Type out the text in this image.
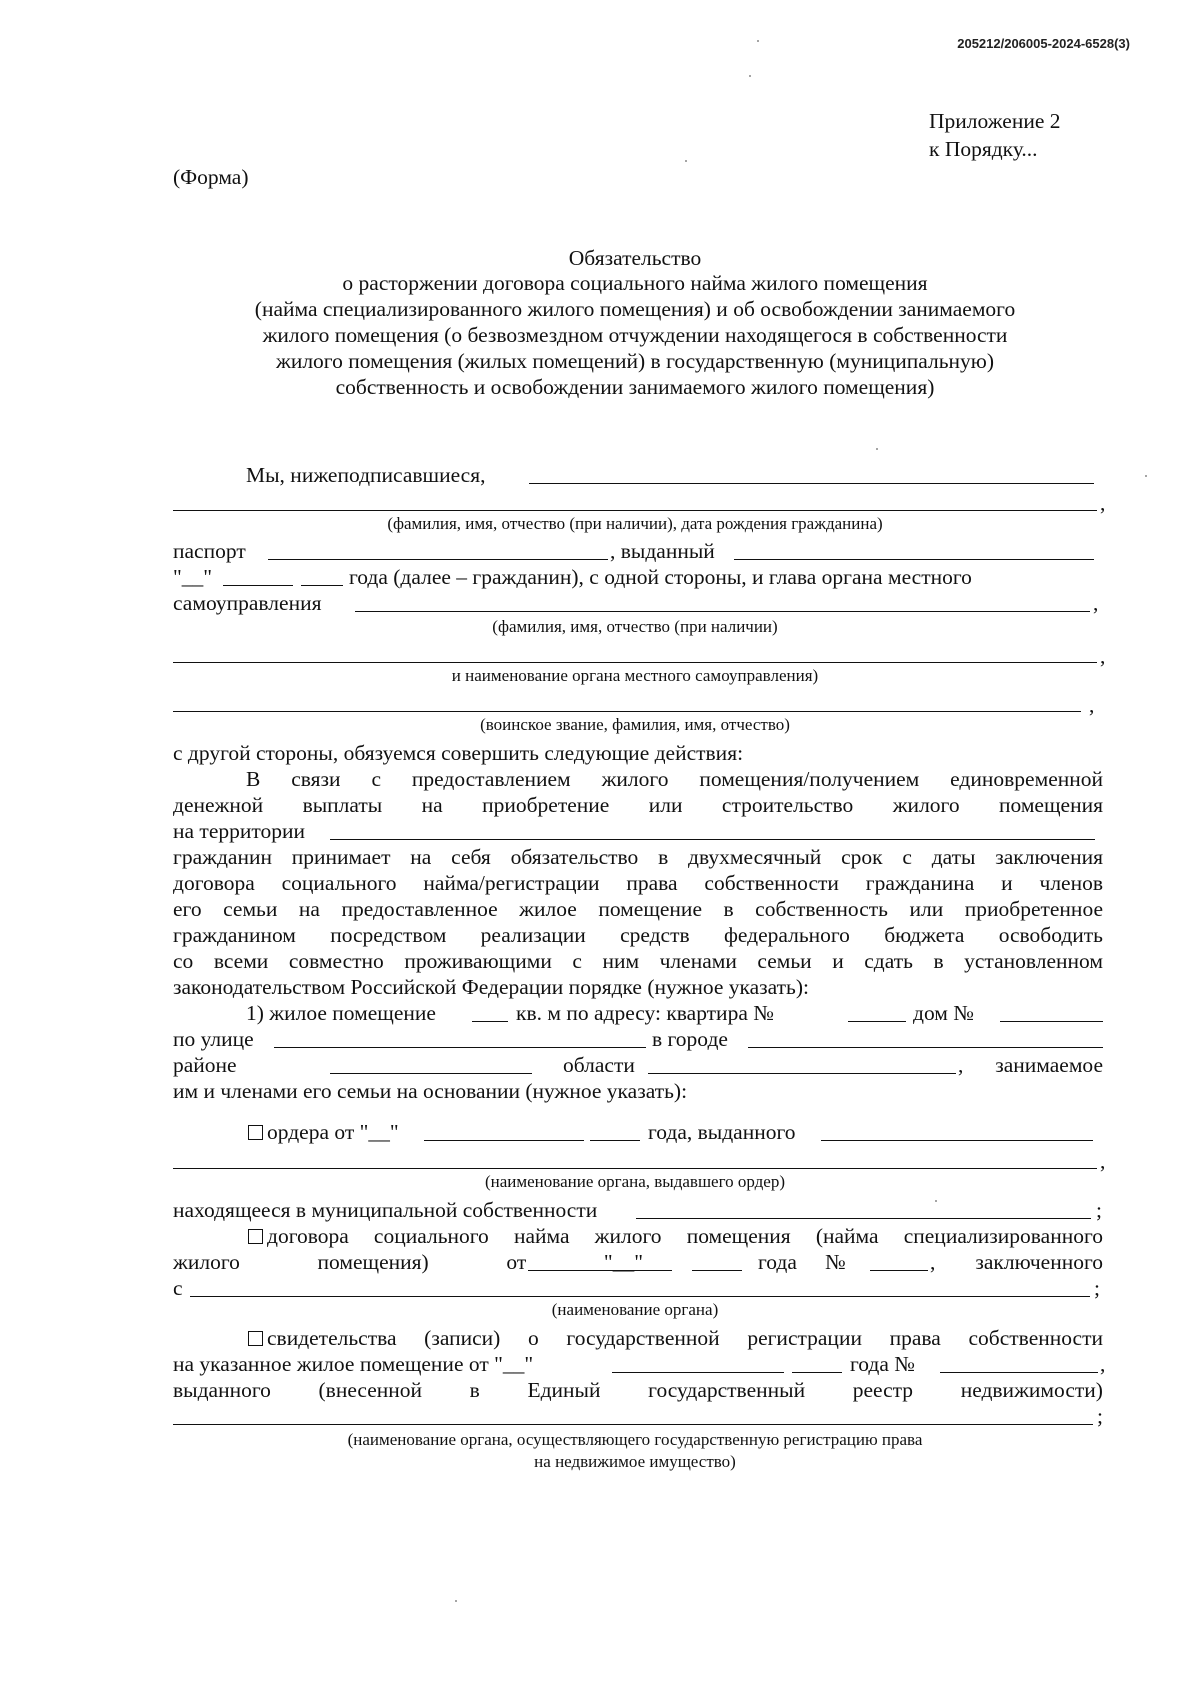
205212/206005-2024-6528(3)
Приложение 2
к Порядку...
(Форма)
Обязательство
о расторжении договора социального найма жилого помещения
(найма специализированного жилого помещения) и об освобождении занимаемого
жилого помещения (о безвозмездном отчуждении находящегося в собственности
жилого помещения (жилых помещений) в государственную (муниципальную)
собственность и освобождении занимаемого жилого помещения)
Мы, нижеподписавшиеся,
,
(фамилия, имя, отчество (при наличии), дата рождения гражданина)
паспорт	, выданный
"__"	года (далее – гражданин), с одной стороны, и глава органа местного
самоуправления	,
(фамилия, имя, отчество (при наличии)
,
и наименование органа местного самоуправления)
,
(воинское звание, фамилия, имя, отчество)
с другой стороны, обязуемся совершить следующие действия:
В связи с предоставлением жилого помещения/получением единовременной
денежной выплаты на приобретение или строительство жилого помещения
на территории
гражданин принимает на себя обязательство в двухмесячный срок с даты заключения
договора социального найма/регистрации права собственности гражданина и членов
его семьи на предоставленное жилое помещение в собственность или приобретенное
гражданином посредством реализации средств федерального бюджета освободить
со всеми совместно проживающими с ним членами семьи и сдать в установленном
законодательством Российской Федерации порядке (нужное указать):
1) жилое помещение	кв. м по адресу: квартира №	дом №
по улице	в городе
районе	области	, занимаемое
им и членами его семьи на основании (нужное указать):
ордера от "__"	года, выданного
,
(наименование органа, выдавшего ордер)
находящееся в муниципальной собственности	;
договора социального найма жилого помещения (найма специализированного
жилого помещения) от "__"	года №	, заключенного
с	;
(наименование органа)
свидетельства (записи) о государственной регистрации права собственности
на указанное жилое помещение от "__"	года №	,
выданного (внесенной в Единый государственный реестр недвижимости)
;
(наименование органа, осуществляющего государственную регистрацию права
на недвижимое имущество)
